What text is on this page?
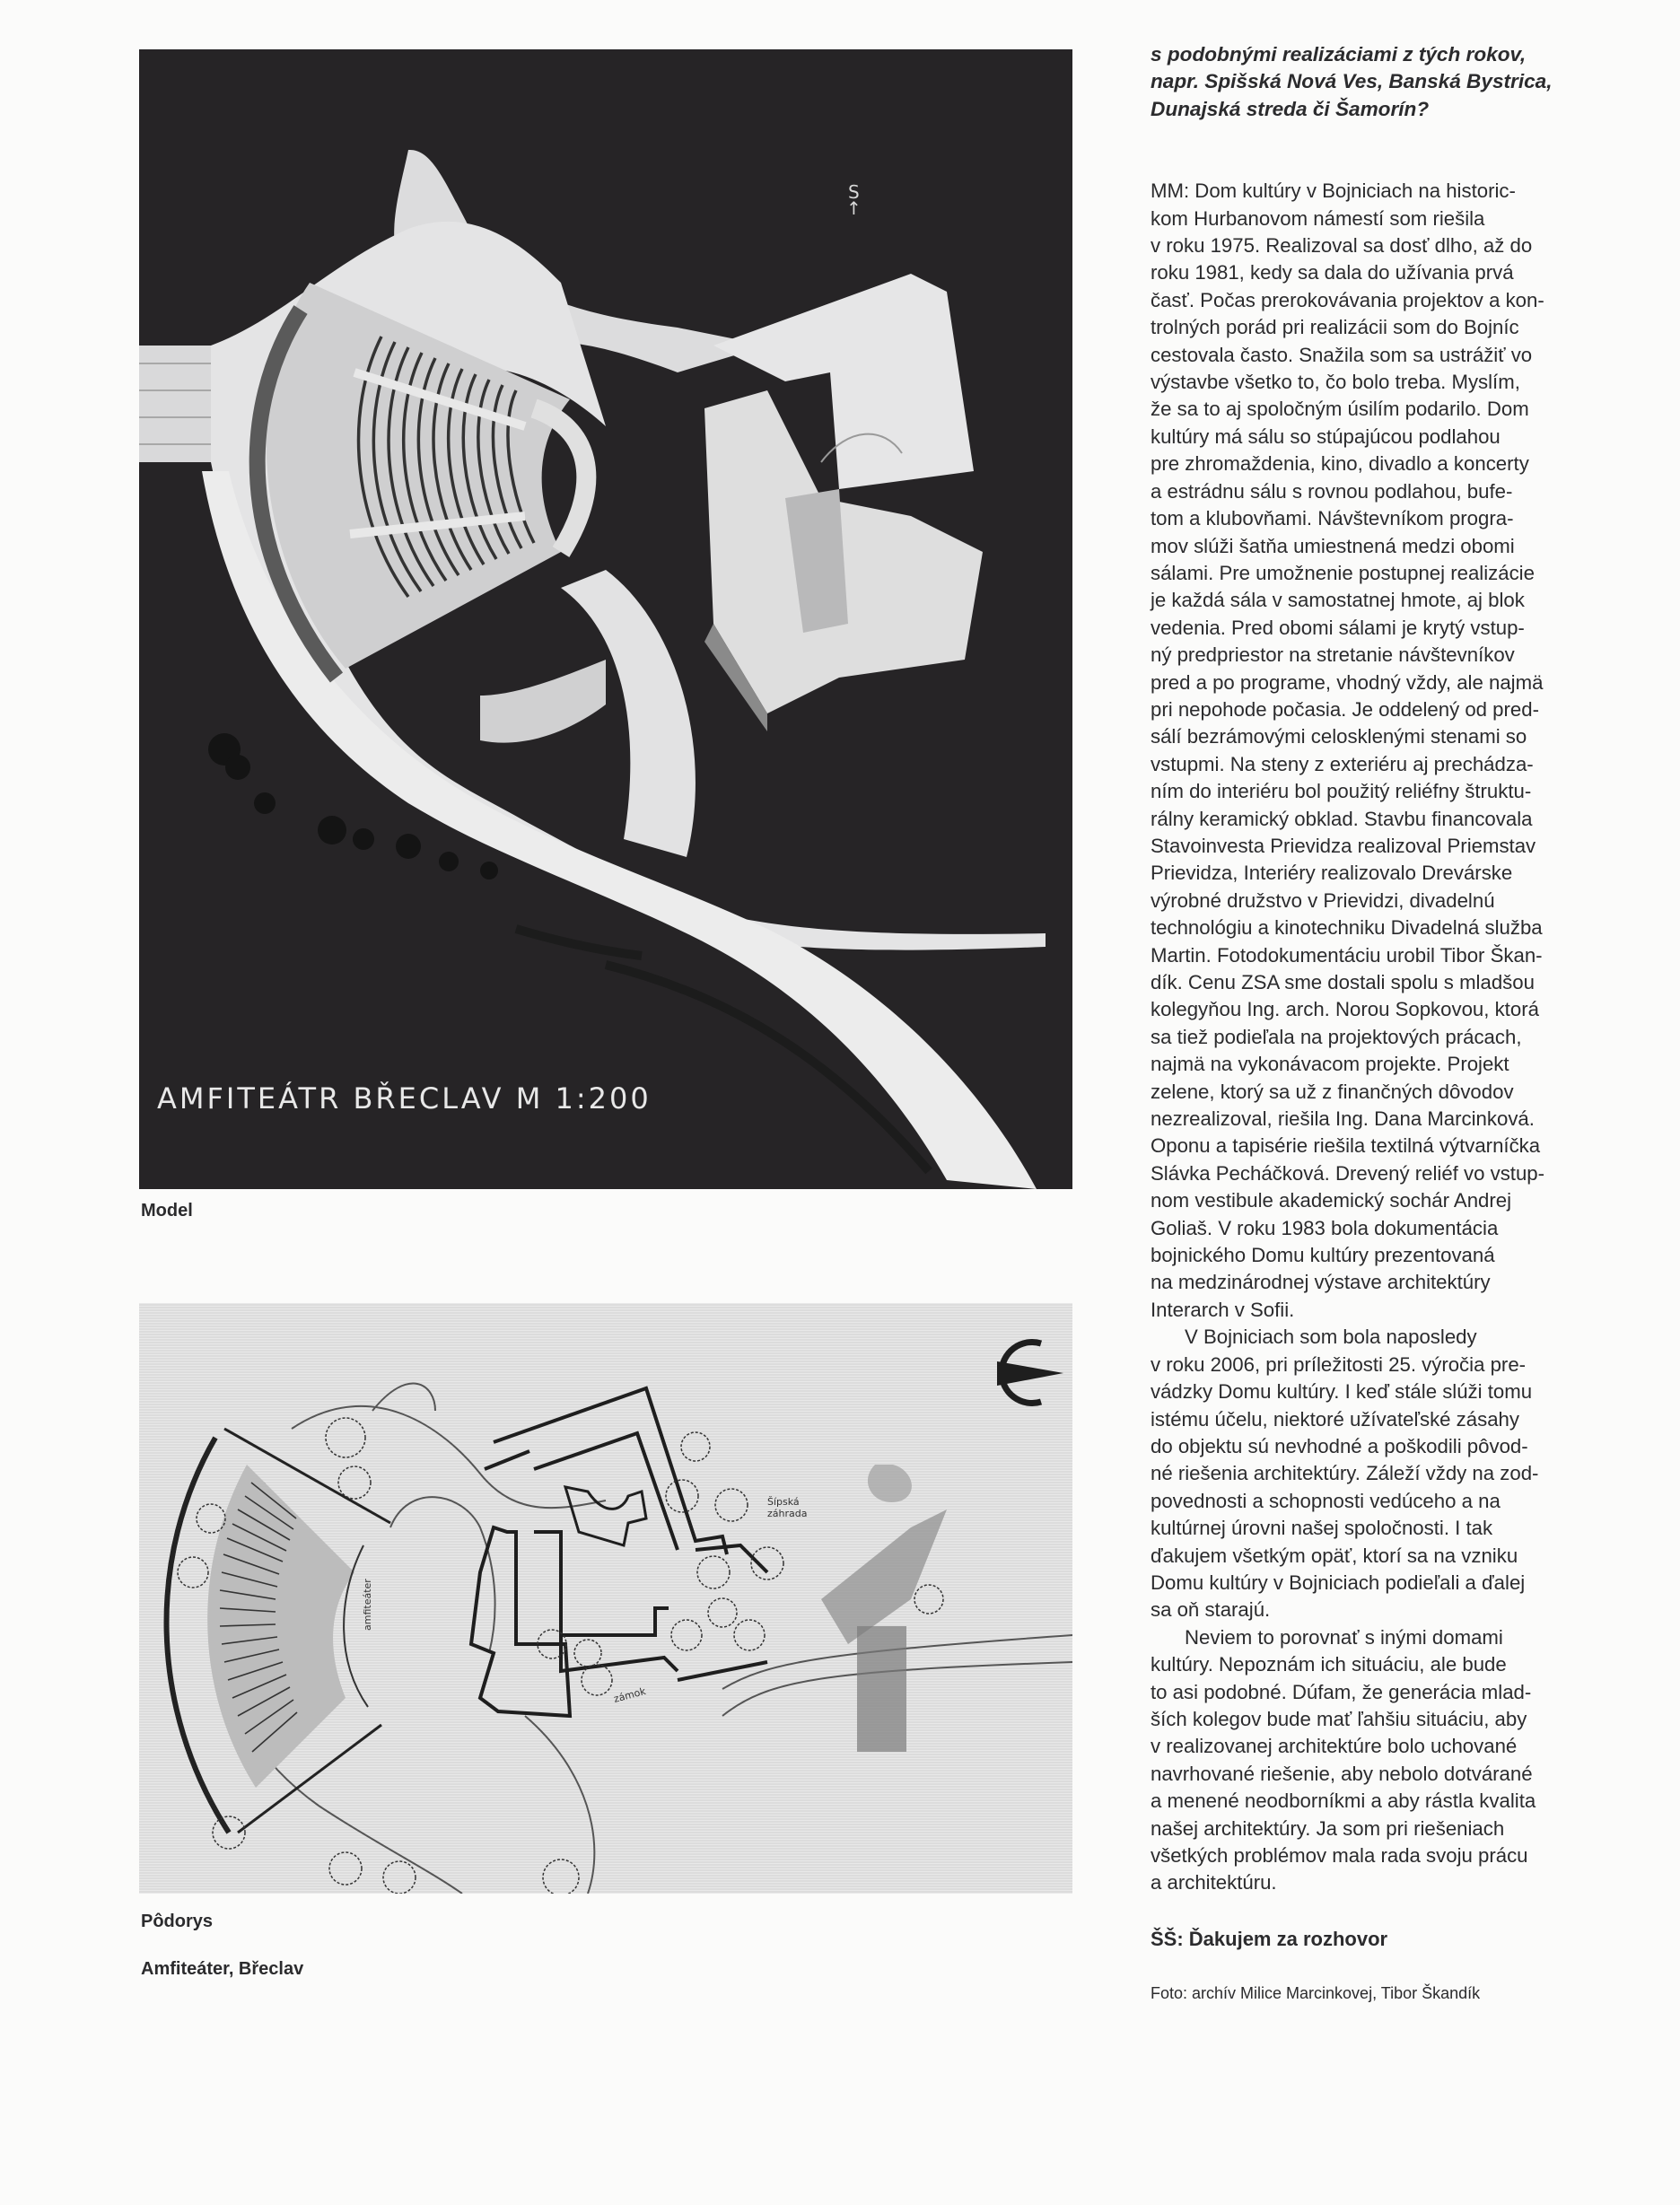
S
↑
AMFITEÁTR BŘECLAV M 1:200
Model
amfiteáter
zámok
Šípská
záhrada
Pôdorys
Amfiteáter, Břeclav
s podobnými realizáciami z tých rokov,
napr. Spišská Nová Ves, Banská Bystrica,
Dunajská streda či Šamorín?
MM: Dom kultúry v Bojniciach na historic-
kom Hurbanovom námestí som riešila
v roku 1975. Realizoval sa dosť dlho, až do
roku 1981, kedy sa dala do užívania prvá
časť. Počas prerokovávania projektov a kon-
trolných porád pri realizácii som do Bojníc
cestovala často. Snažila som sa ustrážiť vo
výstavbe všetko to, čo bolo treba. Myslím,
že sa to aj spoločným úsilím podarilo. Dom
kultúry má sálu so stúpajúcou podlahou
pre zhromaždenia, kino, divadlo a koncerty
a estrádnu sálu s rovnou podlahou, bufe-
tom a klubovňami. Návštevníkom progra-
mov slúži šatňa umiestnená medzi obomi
sálami. Pre umožnenie postupnej realizácie
je každá sála v samostatnej hmote, aj blok
vedenia. Pred obomi sálami je krytý vstup-
ný predpriestor na stretanie návštevníkov
pred a po programe, vhodný vždy, ale najmä
pri nepohode počasia. Je oddelený od pred-
sálí bezrámovými celosklenými stenami so
vstupmi. Na steny z exteriéru aj prechádza-
ním do interiéru bol použitý reliéfny štruktu-
rálny keramický obklad. Stavbu financovala
Stavoinvesta Prievidza realizoval Priemstav
Prievidza, Interiéry realizovalo Drevárske
výrobné družstvo v Prievidzi, divadelnú
technológiu a kinotechniku Divadelná služba
Martin. Fotodokumentáciu urobil Tibor Škan-
dík. Cenu ZSA sme dostali spolu s mladšou
kolegyňou Ing. arch. Norou Sopkovou, ktorá
sa tiež podieľala na projektových prácach,
najmä na vykonávacom projekte. Projekt
zelene, ktorý sa už z finančných dôvodov
nezrealizoval, riešila Ing. Dana Marcinková.
Oponu a tapisérie riešila textilná výtvarníčka
Slávka Pecháčková. Drevený reliéf vo vstup-
nom vestibule akademický sochár Andrej
Goliaš. V roku 1983 bola dokumentácia
bojnického Domu kultúry prezentovaná
na medzinárodnej výstave architektúry
Interarch v Sofii.
V Bojniciach som bola naposledy
v roku 2006, pri príležitosti 25. výročia pre-
vádzky Domu kultúry. I keď stále slúži tomu
istému účelu, niektoré užívateľské zásahy
do objektu sú nevhodné a poškodili pôvod-
né riešenia architektúry. Záleží vždy na zod-
povednosti a schopnosti vedúceho a na
kultúrnej úrovni našej spoločnosti. I tak
ďakujem všetkým opäť, ktorí sa na vzniku
Domu kultúry v Bojniciach podieľali a ďalej
sa oň starajú.
Neviem to porovnať s inými domami
kultúry. Nepoznám ich situáciu, ale bude
to asi podobné. Dúfam, že generácia mlad-
ších kolegov bude mať ľahšiu situáciu, aby
v realizovanej architektúre bolo uchované
navrhované riešenie, aby nebolo dotvárané
a menené neodborníkmi a aby rástla kvalita
našej architektúry. Ja som pri riešeniach
všetkých problémov mala rada svoju prácu
a architektúru.
ŠŠ: Ďakujem za rozhovor
Foto: archív Milice Marcinkovej, Tibor Škandík
